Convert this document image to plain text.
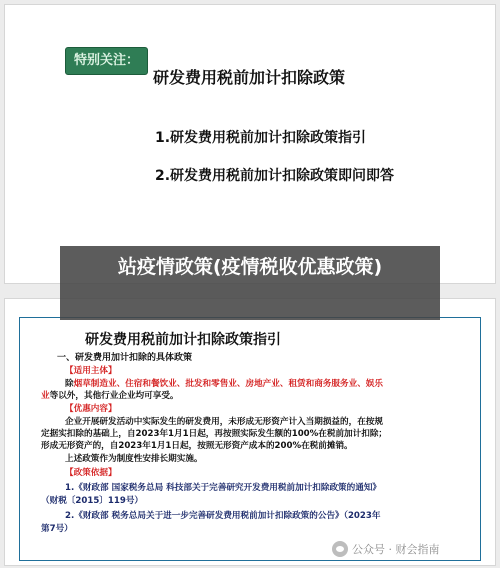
特别关注：
研发费用税前加计扣除政策
1.研发费用税前加计扣除政策指引
2.研发费用税前加计扣除政策即问即答
研发费用税前加计扣除政策指引
一、研发费用加计扣除的具体政策
【适用主体】
除烟草制造业、住宿和餐饮业、批发和零售业、房地产业、租赁和商务服务业、娱乐
业等以外，其他行业企业均可享受。
【优惠内容】
企业开展研发活动中实际发生的研发费用，未形成无形资产计入当期损益的，在按规
定据实扣除的基础上，自2023年1月1日起，再按照实际发生额的100%在税前加计扣除；
形成无形资产的，自2023年1月1日起，按照无形资产成本的200%在税前摊销。
上述政策作为制度性安排长期实施。
【政策依据】
1.《财政部 国家税务总局 科技部关于完善研究开发费用税前加计扣除政策的通知》
（财税〔2015〕119号）
2.《财政部 税务总局关于进一步完善研发费用税前加计扣除政策的公告》（2023年
第7号）
站疫情政策(疫情税收优惠政策)
公众号 · 财会指南
